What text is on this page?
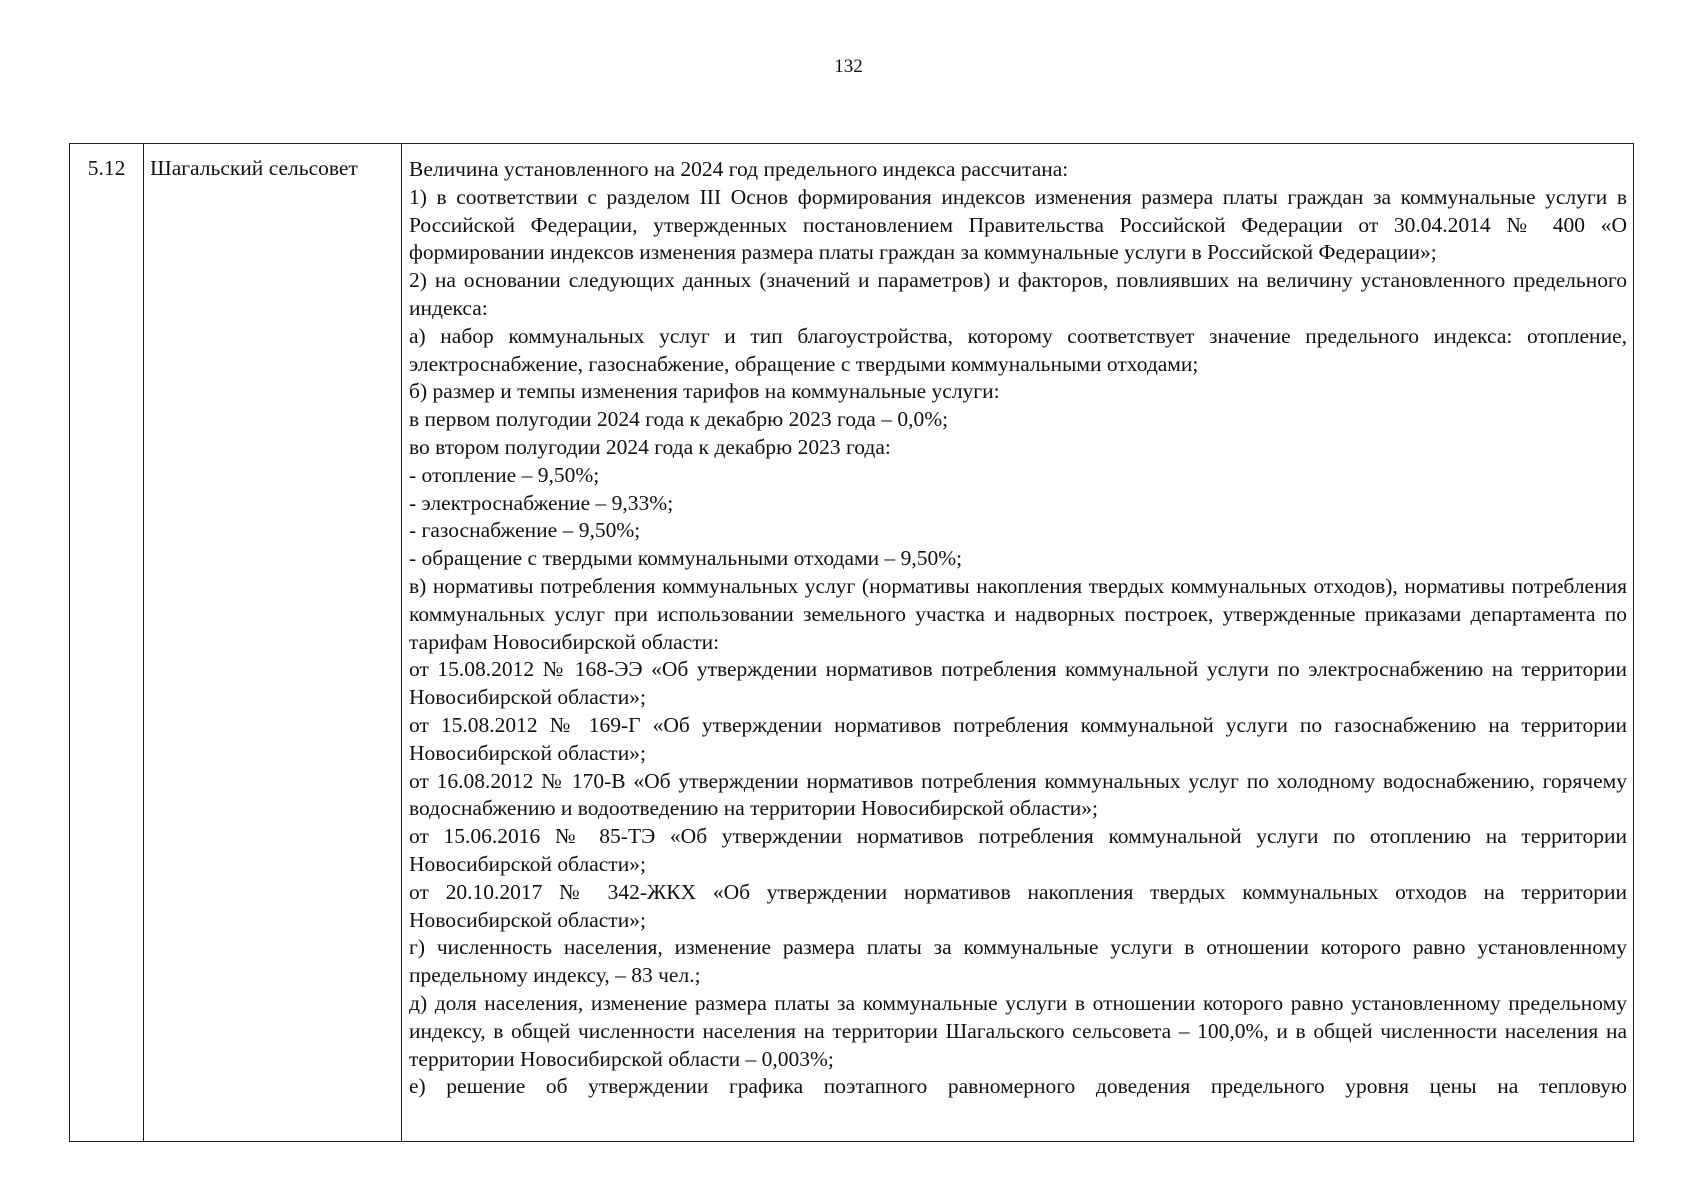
132
5.12	Шагальский сельсовет	Величина установленного на 2024 год предельного индекса рассчитана:

1) в соответствии с разделом III Основ формирования индексов изменения размера платы граждан за коммунальные услуги в Российской Федерации, утвержденных постановлением Правительства Российской Федерации от 30.04.2014 № 400 «О формировании индексов изменения размера платы граждан за коммунальные услуги в Российской Федерации»;

2) на основании следующих данных (значений и параметров) и факторов, повлиявших на величину установленного предельного индекса:

а) набор коммунальных услуг и тип благоустройства, которому соответствует значение предельного индекса: отопление, электроснабжение, газоснабжение, обращение с твердыми коммунальными отходами;

б) размер и темпы изменения тарифов на коммунальные услуги:

в первом полугодии 2024 года к декабрю 2023 года – 0,0%;

во втором полугодии 2024 года к декабрю 2023 года:

- отопление – 9,50%;

- электроснабжение – 9,33%;

- газоснабжение – 9,50%;

- обращение с твердыми коммунальными отходами – 9,50%;

в) нормативы потребления коммунальных услуг (нормативы накопления твердых коммунальных отходов), нормативы потребления коммунальных услуг при использовании земельного участка и надворных построек, утвержденные приказами департамента по тарифам Новосибирской области:

от 15.08.2012 № 168-ЭЭ «Об утверждении нормативов потребления коммунальной услуги по электроснабжению на территории Новосибирской области»;

от 15.08.2012 № 169-Г «Об утверждении нормативов потребления коммунальной услуги по газоснабжению на территории Новосибирской области»;

от 16.08.2012 № 170-В «Об утверждении нормативов потребления коммунальных услуг по холодному водоснабжению, горячему водоснабжению и водоотведению на территории Новосибирской области»;

от 15.06.2016 № 85-ТЭ «Об утверждении нормативов потребления коммунальной услуги по отоплению на территории Новосибирской области»;

от 20.10.2017 № 342-ЖКХ «Об утверждении нормативов накопления твердых коммунальных отходов на территории Новосибирской области»;

г) численность населения, изменение размера платы за коммунальные услуги в отношении которого равно установленному предельному индексу, – 83 чел.;

д) доля населения, изменение размера платы за коммунальные услуги в отношении которого равно установленному предельному индексу, в общей численности населения на территории Шагальского сельсовета – 100,0%, и в общей численности населения на территории Новосибирской области – 0,003%;

е) решение об утверждении графика поэтапного равномерного доведения предельного уровня цены на тепловую
